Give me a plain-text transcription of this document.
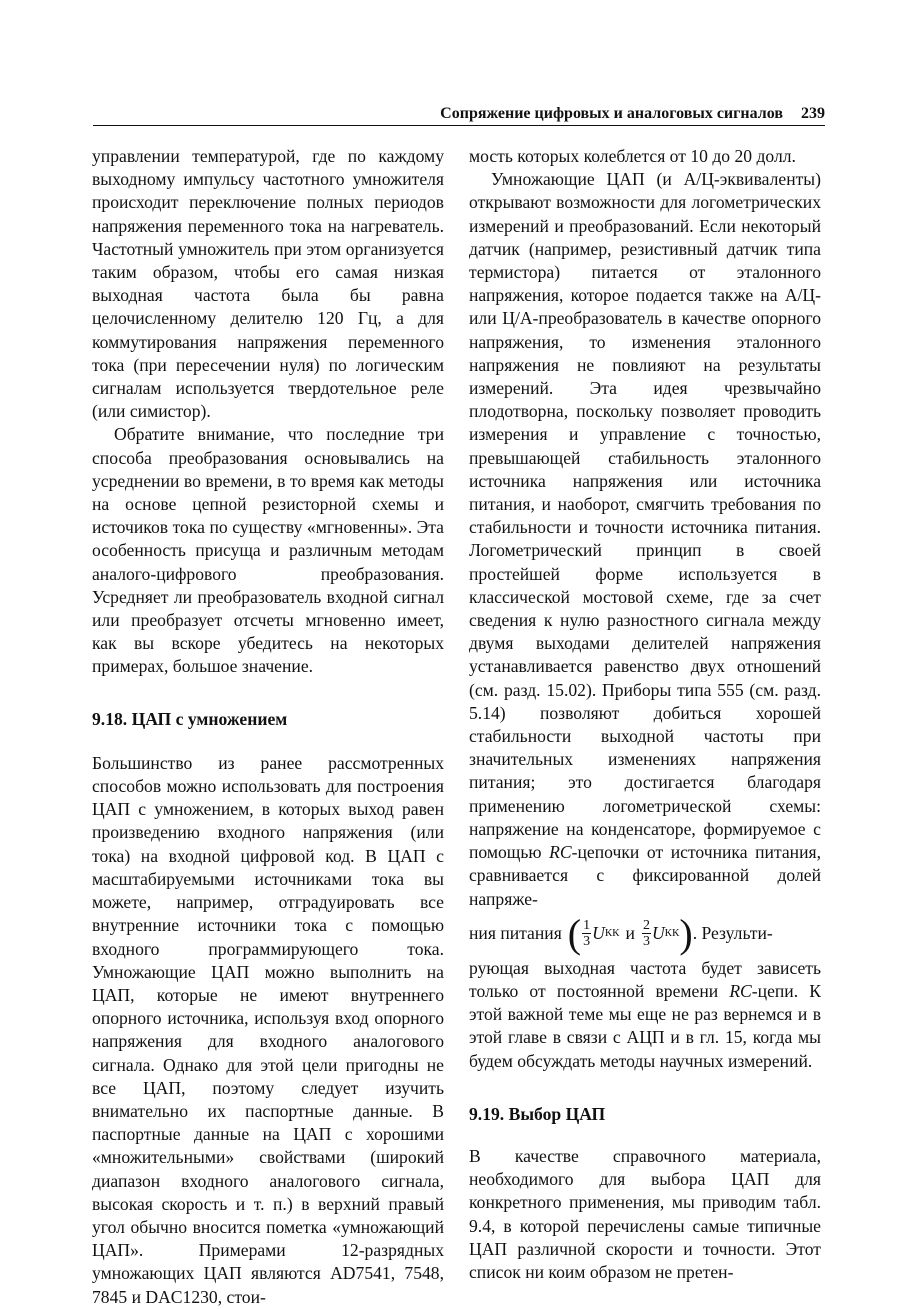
Сопряжение цифровых и аналоговых сигналов 239

управлении температурой, где по каждому выходному импульсу частотного умножителя происходит переключение полных периодов напряжения переменного тока на нагреватель. Частотный умножитель при этом организуется таким образом, чтобы его самая низкая выходная частота была бы равна целочисленному делителю 120 Гц, а для коммутирования напряжения переменного тока (при пересечении нуля) по логическим сигналам используется твердотельное реле (или симистор).

Обратите внимание, что последние три способа преобразования основывались на усреднении во времени, в то время как методы на основе цепной резисторной схемы и источиков тока по существу «мгновенны». Эта особенность присуща и различным методам аналого-цифрового преобразования. Усредняет ли преобразователь входной сигнал или преобразует отсчеты мгновенно имеет, как вы вскоре убедитесь на некоторых примерах, большое значение.

9.18. ЦАП с умножением

Большинство из ранее рассмотренных способов можно использовать для построения ЦАП с умножением, в которых выход равен произведению входного напряжения (или тока) на входной цифровой код. В ЦАП с масштабируемыми источниками тока вы можете, например, отградуировать все внутренние источники тока с помощью входного программирующего тока. Умножающие ЦАП можно выполнить на ЦАП, которые не имеют внутреннего опорного источника, используя вход опорного напряжения для входного аналогового сигнала. Однако для этой цели пригодны не все ЦАП, поэтому следует изучить внимательно их паспортные данные. В паспортные данные на ЦАП с хорошими «множительными» свойствами (широкий диапазон входного аналогового сигнала, высокая скорость и т. п.) в верхний правый угол обычно вносится пометка «умножающий ЦАП». Примерами 12-разрядных умножающих ЦАП являются AD7541, 7548, 7845 и DAC1230, стои-

мость которых колеблется от 10 до 20 долл.

Умножающие ЦАП (и А/Ц-эквиваленты) открывают возможности для логометрических измерений и преобразований. Если некоторый датчик (например, резистивный датчик типа термистора) питается от эталонного напряжения, которое подается также на А/Ц- или Ц/А-преобразователь в качестве опорного напряжения, то изменения эталонного напряжения не повлияют на результаты измерений. Эта идея чрезвычайно плодотворна, поскольку позволяет проводить измерения и управление с точностью, превышающей стабильность эталонного источника напряжения или источника питания, и наоборот, смягчить требования по стабильности и точности источника питания. Логометрический принцип в своей простейшей форме используется в классической мостовой схеме, где за счет сведения к нулю разностного сигнала между двумя выходами делителей напряжения устанавливается равенство двух отношений (см. разд. 15.02). Приборы типа 555 (см. разд. 5.14) позволяют добиться хорошей стабильности выходной частоты при значительных изменениях напряжения питания; это достигается благодаря применению логометрической схемы: напряжение на конденсаторе, формируемое с помощью RC-цепочки от источника питания, сравнивается с фиксированной долей напряже-

ния питания ( $\frac{1}{3}$ U КК и $\frac{2}{3}$ U КК ) . Результи-

рующая выходная частота будет зависеть только от постоянной времени RC-цепи. К этой важной теме мы еще не раз вернемся и в этой главе в связи с АЦП и в гл. 15, когда мы будем обсуждать методы научных измерений.

9.19. Выбор ЦАП

В качестве справочного материала, необходимого для выбора ЦАП для конкретного применения, мы приводим табл. 9.4, в которой перечислены самые типичные ЦАП различной скорости и точности. Этот список ни коим образом не претен-
